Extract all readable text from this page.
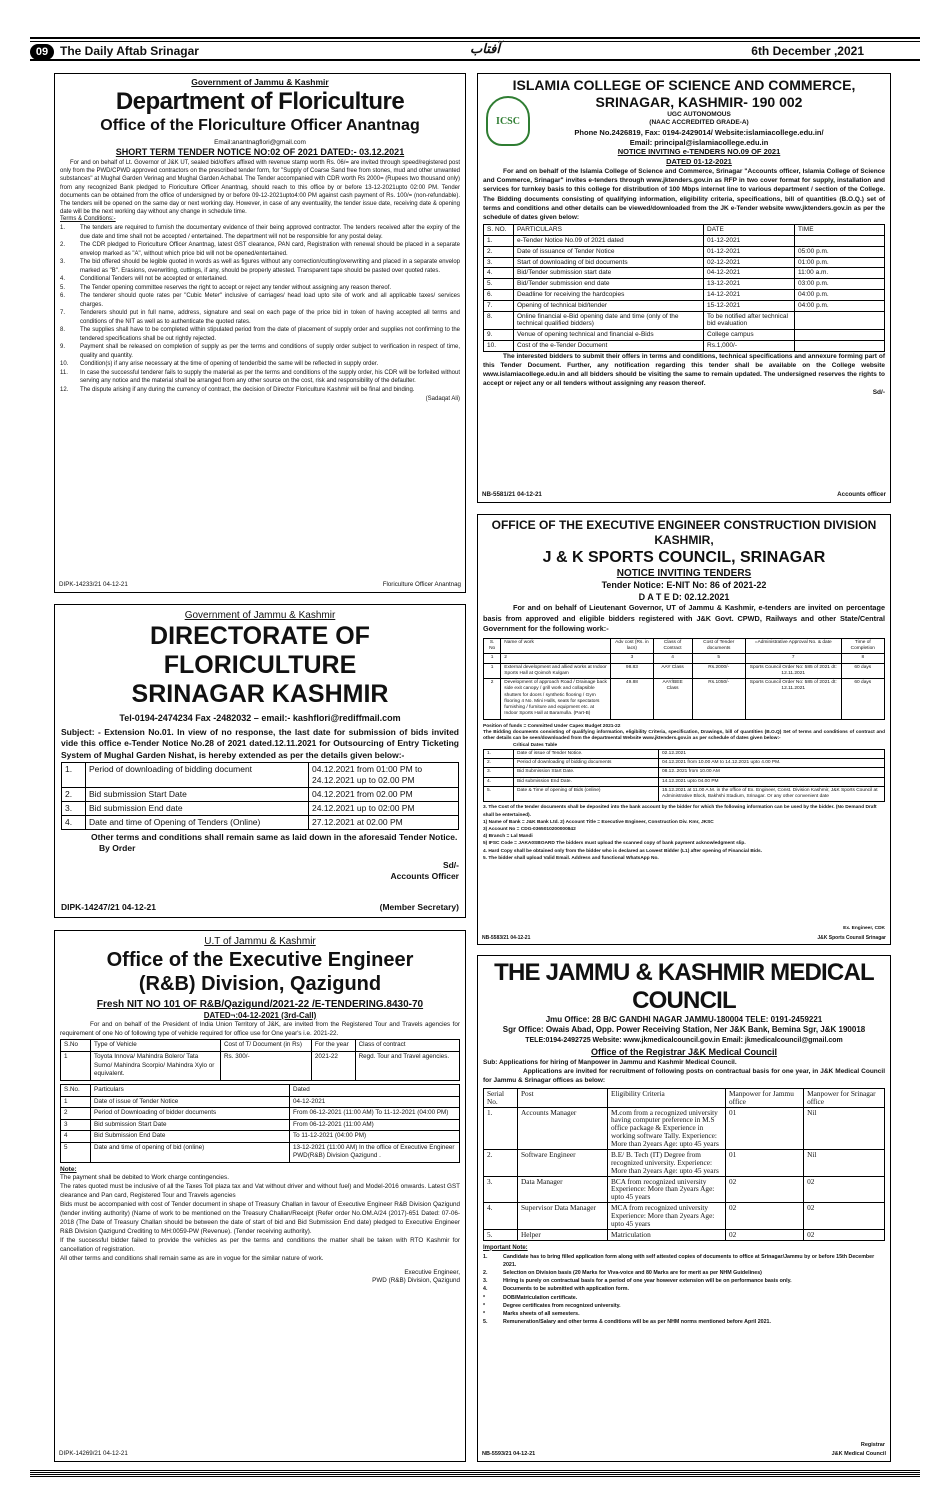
09 The Daily Aftab Srinagar	آفتاب	6th December ,2021
Government of Jammu & Kashmir
Department of Floriculture
Office of the Floriculture Officer Anantnag
Email:anantnagflori@gmail.com
SHORT TERM TENDER NOTICE NO:02 OF 2021 DATED:- 03.12.2021
For and on behalf of Lt. Governor of J&K UT, sealed bid/offers affixed with revenue stamp worth Rs. 06/= are invited through speed/registered post only from the PWD/CPWD approved contractors on the prescribed tender form, for "Supply of Coarse Sand free from stones, mud and other unwanted substances" at Mughal Garden Verinag and Mughal Garden Achabal. The Tender accompanied with CDR worth Rs 2000= (Rupees two thousand only) from any recognized Bank pledged to Floriculture Officer Anantnag, should reach to this office by or before 13-12-2021upto 02:00 PM. Tender documents can be obtained from the office of undersigned by or before 09-12-2021upto4:00 PM against cash payment of Rs. 100/= (non-refundable). The tenders will be opened on the same day or next working day. However, in case of any eventuality, the tender issue date, receiving date & opening date will be the next working day without any change in schedule time.
Terms & Conditions:-
1.	The tenders are required to furnish the documentary evidence of their being approved contractor. The tenders received after the expiry of the due date and time shall not be accepted / entertained. The department will not be responsible for any postal delay.
2.	The CDR pledged to Floriculture Officer Anantnag, latest GST clearance, PAN card, Registration with renewal should be placed in a separate envelop marked as "A", without which price bid will not be opened/entertained.
3.	The bid offered should be legible quoted in words as well as figures without any correction/cutting/overwriting and placed in a separate envelop marked as "B". Erasions, overwriting, cuttings, if any, should be properly attested. Transparent tape should be pasted over quoted rates.
4.	Conditional Tenders will not be accepted or entertained.
5.	The Tender opening committee reserves the right to accept or reject any tender without assigning any reason thereof.
6.	The tenderer should quote rates per "Cubic Meter" inclusive of carriages/ head load upto site of work and all applicable taxes/ services charges.
7.	Tenderers should put in full name, address, signature and seal on each page of the price bid in token of having accepted all terms and conditions of the NIT as well as to authenticate the quoted rates.
8.	The supplies shall have to be completed within stipulated period from the date of placement of supply order and supplies not confirming to the tendered specifications shall be out rightly rejected.
9.	Payment shall be released on completion of supply as per the terms and conditions of supply order subject to verification in respect of time, quality and quantity.
10.	Condition(s) if any arise necessary at the time of opening of tender/bid the same will be reflected in supply order.
11.	In case the successful tenderer fails to supply the material as per the terms and conditions of the supply order, his CDR will be forfeited without serving any notice and the material shall be arranged from any other source on the cost, risk and responsibility of the defaulter.
12.	The dispute arising if any during the currency of contract, the decision of Director Floriculture Kashmir will be final and binding.
(Sadaqat Ali)
DIPK-14233/21 04-12-21	Floriculture Officer Anantnag
Government of Jammu & Kashmir
DIRECTORATE OF FLORICULTURE
SRINAGAR KASHMIR
Tel-0194-2474234 Fax -2482032 – email:- kashflori@rediffmail.com
Subject: - Extension No.01. In view of no response, the last date for submission of bids invited vide this office e-Tender Notice No.28 of 2021 dated.12.11.2021 for Outsourcing of Entry Ticketing System of Mughal Garden Nishat, is hereby extended as per the details given below:-
1.	Period of downloading of bidding document	04.12.2021 from 01:00 PM to 24.12.2021 up to 02.00 PM
2.	Bid submission Start Date	04.12.2021 from 02.00 PM
3.	Bid submission End date	24.12.2021 up to 02:00 PM
4.	Date and time of Opening of Tenders (Online)	27.12.2021 at 02.00 PM
Other terms and conditions shall remain same as laid down in the aforesaid Tender Notice.
By Order
Sd/-
Accounts Officer
DIPK-14247/21 04-12-21	(Member Secretary)
U.T of Jammu & Kashmir
Office of the Executive Engineer
(R&B) Division, Qazigund
Fresh NIT NO 101 OF R&B/Qazigund/2021-22 /E-TENDERING.8430-70
DATED¬:04-12-2021 (3rd-Call)
For and on behalf of the President of India Union Territory of J&K, are invited from the Registered Tour and Travels agencies for requirement of one No of following type of vehicle required for office use for One year's i.e. 2021-22.
S.No	Type of Vehicle	Cost of T/ Document (in Rs)	For the year	Class of contract
1	Toyota Innova/ Mahindra Bolero/ Tata Sumo/ Mahindra Scorpio/ Mahindra Xylo or equivalent.	Rs. 300/-	2021-22	Regd. Tour and Travel agencies.
S.No.	Particulars	Dated
1	Date of issue of Tender Notice	04-12-2021
2	Period of Downloading of bidder documents	From 06-12-2021 (11:00 AM) To 11-12-2021 (04:00 PM)
3	Bid submission Start Date	From 06-12-2021 (11:00 AM)
4	Bid Submission End Date	To 11-12-2021 (04:00 PM)
5	Date and time of opening of bid (online)	13-12-2021 (11:00 AM) In the office of Executive Engineer PWD(R&B) Division Qazigund .
Note:
The payment shall be debited to Work charge contingencies.
The rates quoted must be inclusive of all the Taxes Toll plaza tax and Vat without driver and without fuel) and Model-2016 onwards. Latest GST clearance and Pan card, Registered Tour and Travels agencies
Bids must be accompanied with cost of Tender document in shape of Treasury Challan in favour of Executive Engineer R&B Division Qazigund (tender inviting authority) (Name of work to be mentioned on the Treasury Challan/Receipt (Refer order No.OM.A/24 (2017)-651 Dated: 07-06-2018 (The Date of Treasury Challan should be between the date of start of bid and Bid Submission End date) pledged to Executive Engineer R&B Division Qazigund Crediting to MH:0059-PW (Revenue). (Tender receiving authority).
If the successful bidder failed to provide the vehicles as per the terms and conditions the matter shall be taken with RTO Kashmir for cancellation of registration.
All other terms and conditions shall remain same as are in vogue for the similar nature of work.
Executive Engineer,
PWD (R&B) Division, Qazigund
DIPK-14269/21 04-12-21
ICSC
ISLAMIA COLLEGE OF SCIENCE AND COMMERCE,
SRINAGAR, KASHMIR- 190 002
UGC AUTONOMOUS
(NAAC ACCREDITED GRADE-A)
Phone No.2426819, Fax: 0194-2429014/ Website:islamiacollege.edu.in/
Email: principal@islamiacollege.edu.in
NOTICE INVITING e-TENDERS NO.09 OF 2021
DATED 01-12-2021
For and on behalf of the Islamia College of Science and Commerce, Srinagar "Accounts officer, Islamia College of Science and Commerce, Srinagar" invites e-tenders through www.jktenders.gov.in as RFP in two cover format for supply, installation and services for turnkey basis to this college for distribution of 100 Mbps internet line to various department / section of the College. The Bidding documents consisting of qualifying information, eligibility criteria, specifications, bill of quantities (B.O.Q.) set of terms and conditions and other details can be viewed/downloaded from the JK e-Tender website www.jktenders.gov.in as per the schedule of dates given below:
S. NO.	PARTICULARS	DATE	TIME
1.	e-Tender Notice No.09 of 2021 dated	01-12-2021	
2.	Date of issuance of Tender Notice	01-12-2021	05:00 p.m.
3.	Start of downloading of bid documents	02-12-2021	01:00 p.m.
4.	Bid/Tender submission start date	04-12-2021	11:00 a.m.
5.	Bid/Tender submission end date	13-12-2021	03:00 p.m.
6.	Deadline for receiving the hardcopies	14-12-2021	04:00 p.m.
7.	Opening of technical bid/tender	15-12-2021	04:00 p.m.
8.	Online financial e-Bid opening date and time (only of the technical qualified bidders)	To be notified after technical bid evaluation	
9.	Venue of opening technical and financial e-Bids	College campus	
10.	Cost of the e-Tender Document	Rs.1,000/-	
The interested bidders to submit their offers in terms and conditions, technical specifications and annexure forming part of this Tender Document. Further, any notification regarding this tender shall be available on the College website www.islamiacollege.edu.in and all bidders should be visiting the same to remain updated. The undersigned reserves the rights to accept or reject any or all tenders without assigning any reason thereof.
Sd/-
NB-5581/21 04-12-21	Accounts officer
OFFICE OF THE EXECUTIVE ENGINEER CONSTRUCTION DIVISION KASHMIR,
J & K SPORTS COUNCIL, SRINAGAR
NOTICE INVITING TENDERS
Tender Notice: E-NIT No: 86 of 2021-22
D A T E D: 02.12.2021
For and on behalf of Lieutenant Governor, UT of Jammu & Kashmir, e-tenders are invited on percentage basis from approved and eligible bidders registered with J&K Govt. CPWD, Railways and other State/Central Government for the following work:-
S. No	Name of work	Adv cost (Rs. in lacs)	Class of Contract	Cost of Tender documents	=Administrative Approval No. & date	Time of Completion
1	2	3	4	5	7	8
1	External development and allied works at Indoor Sports Hall at Qoimoh Kulgam	98.83	AAY Class	Rs.2000/-	Sports Council Order No: 585 of 2021 dt: 12.11.2021	60 days
2	Development of approach Road / Drainage back side exit canopy / grill work and collapsible shutters for doors / synthetic flooring / Gym flooring 4 No. Mini Halls, seats for spectators furnishing / furniture and equipment etc. at Indoor Sports Hall at Baramulla. (Part-B)	49.88	AAY/BEE Class	Rs.1050/-	Sports Council Order No: 585 of 2021 dt: 12.11.2021	60 days
Position of funds = Committed Under Capex Budget 2021-22
The Bidding documents consisting of qualifying information, eligibility Criteria, specification, Drawings, bill of quantities (B.O.Q) Set of terms and conditions of contract and other details can be seen/downloaded from the departmental Website www.jktenders.gov.in as per schedule of dates given below:-
Critical Dates Table
1.	Date of issue of Tender Notice.	02.12.2021
2.	Period of downloading of bidding documents	04.12.2021 from 10.00 AM to 14.12.2021 upto 4.00 PM.
3.	Bid Submission Start Date.	08.12..2021 from 10.00 AM
4.	Bid submission End Date.	14.12.2021 upto 04.00 PM
5.	Date & Time of opening of Bids (online)	15.12.2021 at 11.00 A.M. in the office of Ex. Engineer, Const. Division Kashmir, J&K Sports Council at Administrative Block, Bakhshi Stadium, Srinagar. Or any other convenient date
3. The Cost of the tender documents shall be deposited into the bank account by the bidder for which the following information can be used by the bidder. (No Demand Draft shall be entertained).
1) Name of Bank = J&K Bank Ltd. 2) Account Title = Executive Engineer, Construction Div. Kmr, JKSC
3) Account No = CDG-0365010200000842
4) Branch = Lal Mandi
5) IFSC Code = JAKA0SBOARD The bidders must upload the scanned copy of bank payment acknowledgment slip.
4. Hard Copy shall be obtained only from the bidder who is declared as Lowest Bidder (L1) after opening of Financial Bids.
5. The bidder shall upload Valid Email. Address and functional WhatsApp No.
Ex. Engineer, CDK
NB-5583/21 04-12-21	J&K Sports Counsil Srinagar
THE JAMMU & KASHMIR MEDICAL COUNCIL
Jmu Office: 28 B/C GANDHI NAGAR JAMMU-180004 TELE: 0191-2459221
Sgr Office: Owais Abad, Opp. Power Receiving Station, Ner J&K Bank, Bemina Sgr, J&K 190018
TELE:0194-2492725 Website: www.jkmedicalcouncil.gov.in Email: jkmedicalcouncil@gmail.com
Office of the Registrar J&K Medical Council
Sub: Applications for hiring of Manpower in Jammu and Kashmir Medical Council.
Applications are invited for recruitment of following posts on contractual basis for one year, in J&K Medical Council for Jammu & Srinagar offices as below:
Serial No.	Post	Eligibility Criteria	Manpower for Jammu office	Manpower for Srinagar office
1.	Accounts Manager	M.com from a recognized university having computer preference in M.S office package & Experience in working software Tally. Experience: More than 2years Age: upto 45 years	01	Nil
2.	Software Engineer	B.E/ B. Tech (IT) Degree from recognized university. Experience: More than 2years Age: upto 45 years	01	Nil
3.	Data Manager	BCA from recognized university Experience: More than 2years Age: upto 45 years	02	02
4.	Supervisor Data Manager	MCA from recognized university Experience: More than 2years Age: upto 45 years	02	02
5.	Helper	Matriculation	02	02
Important Note:
1.	Candidate has to bring filled application form along with self attested copies of documents to office at Srinagar/Jammu by or before 15th December 2021.
2.	Selection on Division basis (20 Marks for Viva-voice and 80 Marks are for merit as per NHM Guidelines)
3.	Hiring is purely on contractual basis for a period of one year however extension will be on performance basis only.
4.	Documents to be submitted with application form.
*	DOB/Matriculation certificate.
*	Degree certificates from recognized university.
*	Marks sheets of all semesters.
5.	Remuneration/Salary and other terms & conditions will be as per NHM norms mentioned before April 2021.
Registrar
NB-5593/21 04-12-21	J&K Medical Council
